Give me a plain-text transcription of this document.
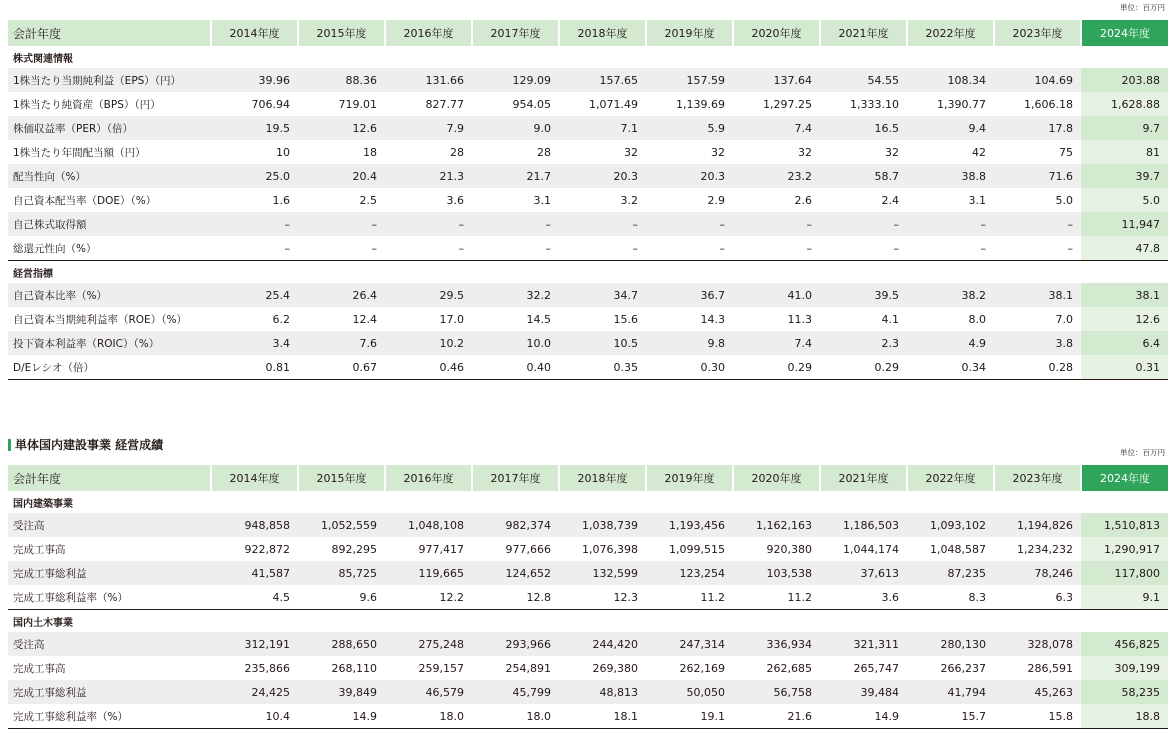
単位：百万円
会計年度	2014年度	2015年度	2016年度	2017年度	2018年度	2019年度	2020年度	2021年度	2022年度	2023年度	2024年度
株式関連情報											
1株当たり当期純利益（EPS）（円）	39.96	88.36	131.66	129.09	157.65	157.59	137.64	54.55	108.34	104.69	203.88
1株当たり純資産（BPS）（円）	706.94	719.01	827.77	954.05	1,071.49	1,139.69	1,297.25	1,333.10	1,390.77	1,606.18	1,628.88
株価収益率（PER）（倍）	19.5	12.6	7.9	9.0	7.1	5.9	7.4	16.5	9.4	17.8	9.7
1株当たり年間配当額（円）	10	18	28	28	32	32	32	32	42	75	81
配当性向（%）	25.0	20.4	21.3	21.7	20.3	20.3	23.2	58.7	38.8	71.6	39.7
自己資本配当率（DOE）（%）	1.6	2.5	3.6	3.1	3.2	2.9	2.6	2.4	3.1	5.0	5.0
自己株式取得額	–	–	–	–	–	–	–	–	–	–	11,947
総還元性向（%）	–	–	–	–	–	–	–	–	–	–	47.8
経営指標											
自己資本比率（%）	25.4	26.4	29.5	32.2	34.7	36.7	41.0	39.5	38.2	38.1	38.1
自己資本当期純利益率（ROE）（%）	6.2	12.4	17.0	14.5	15.6	14.3	11.3	4.1	8.0	7.0	12.6
投下資本利益率（ROIC）（%）	3.4	7.6	10.2	10.0	10.5	9.8	7.4	2.3	4.9	3.8	6.4
D/Eレシオ（倍）	0.81	0.67	0.46	0.40	0.35	0.30	0.29	0.29	0.34	0.28	0.31
単体国内建設事業 経営成績
単位：百万円
会計年度	2014年度	2015年度	2016年度	2017年度	2018年度	2019年度	2020年度	2021年度	2022年度	2023年度	2024年度
国内建築事業											
受注高	948,858	1,052,559	1,048,108	982,374	1,038,739	1,193,456	1,162,163	1,186,503	1,093,102	1,194,826	1,510,813
完成工事高	922,872	892,295	977,417	977,666	1,076,398	1,099,515	920,380	1,044,174	1,048,587	1,234,232	1,290,917
完成工事総利益	41,587	85,725	119,665	124,652	132,599	123,254	103,538	37,613	87,235	78,246	117,800
完成工事総利益率（%）	4.5	9.6	12.2	12.8	12.3	11.2	11.2	3.6	8.3	6.3	9.1
国内土木事業											
受注高	312,191	288,650	275,248	293,966	244,420	247,314	336,934	321,311	280,130	328,078	456,825
完成工事高	235,866	268,110	259,157	254,891	269,380	262,169	262,685	265,747	266,237	286,591	309,199
完成工事総利益	24,425	39,849	46,579	45,799	48,813	50,050	56,758	39,484	41,794	45,263	58,235
完成工事総利益率（%）	10.4	14.9	18.0	18.0	18.1	19.1	21.6	14.9	15.7	15.8	18.8
